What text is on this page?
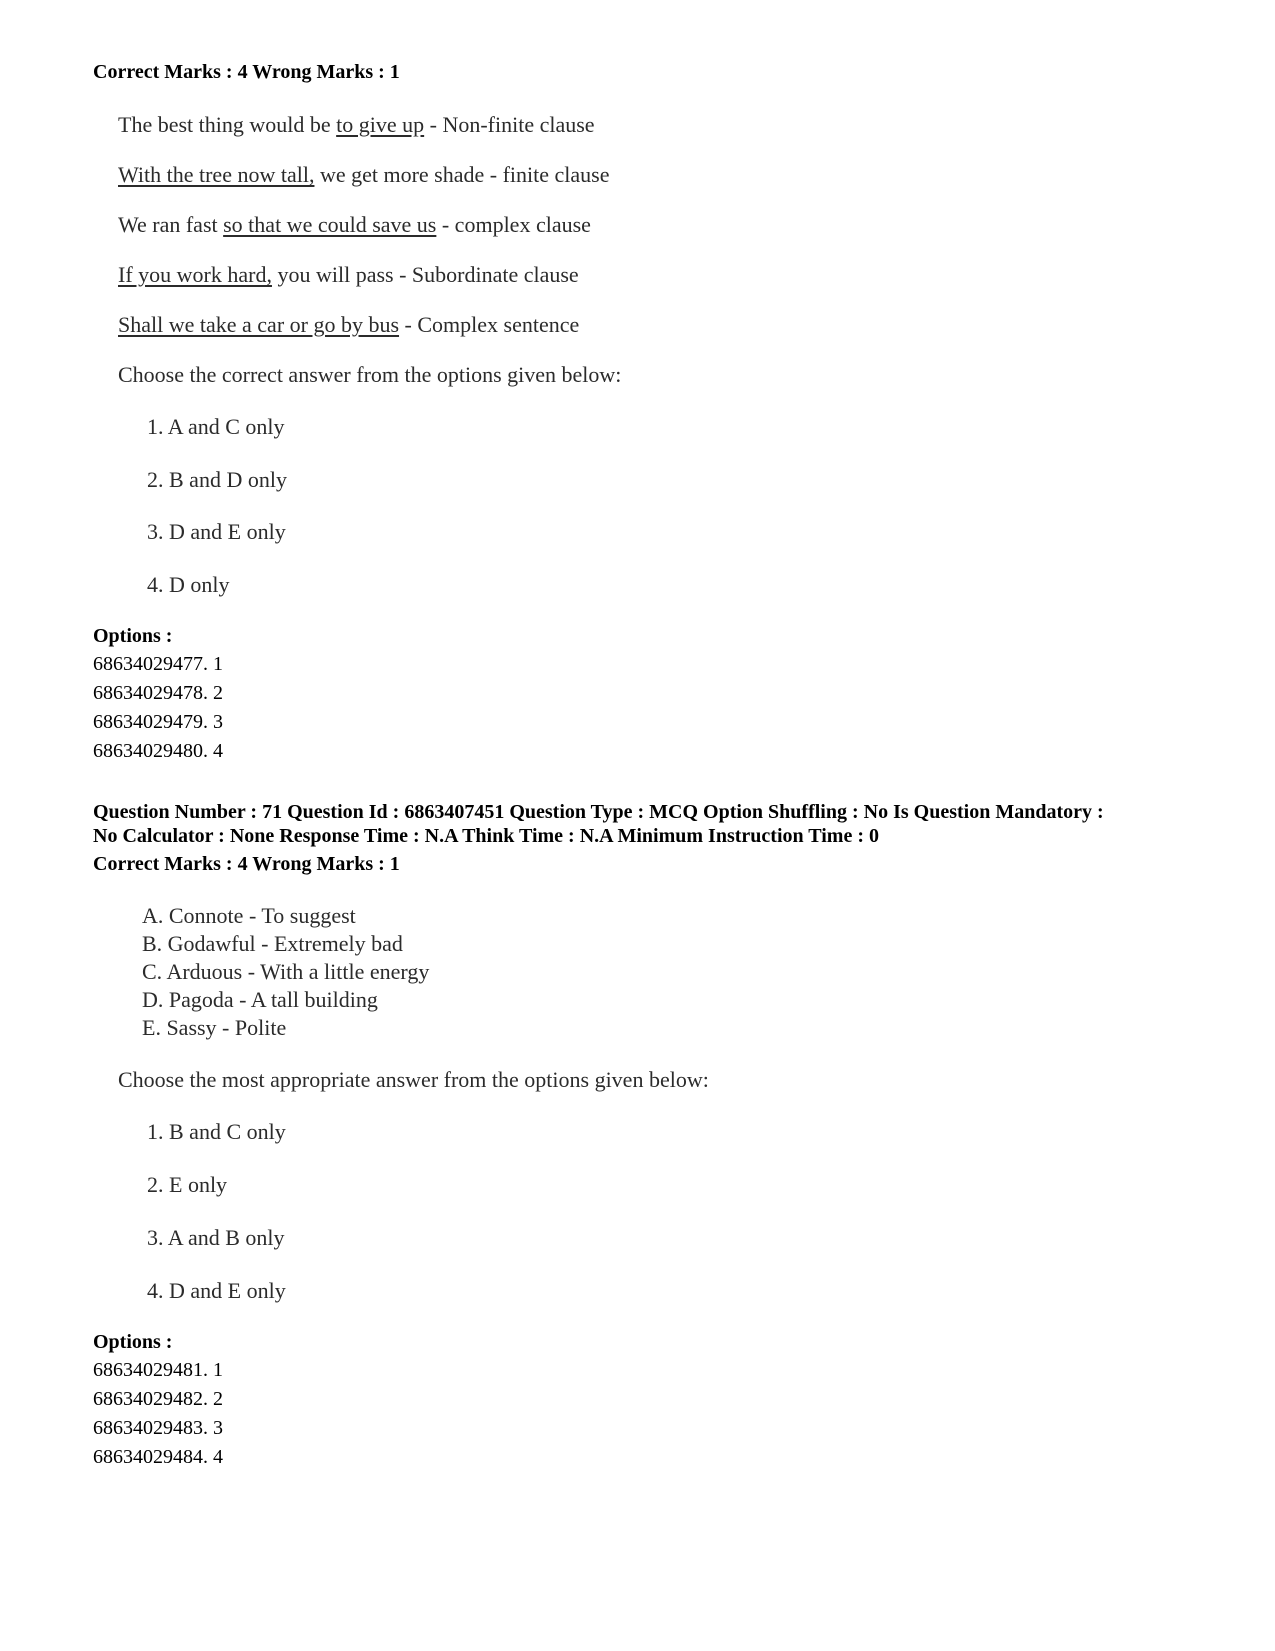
Correct Marks : 4 Wrong Marks : 1
The best thing would be to give up - Non-finite clause
With the tree now tall, we get more shade - finite clause
We ran fast so that we could save us - complex clause
If you work hard, you will pass - Subordinate clause
Shall we take a car or go by bus - Complex sentence
Choose the correct answer from the options given below:
1. A and C only
2. B and D only
3. D and E only
4. D only
Options :
68634029477. 1
68634029478. 2
68634029479. 3
68634029480. 4
Question Number : 71 Question Id : 6863407451 Question Type : MCQ Option Shuffling : No Is Question Mandatory :
No Calculator : None Response Time : N.A Think Time : N.A Minimum Instruction Time : 0
Correct Marks : 4 Wrong Marks : 1
A. Connote - To suggest
B. Godawful - Extremely bad
C. Arduous - With a little energy
D. Pagoda - A tall building
E. Sassy - Polite
Choose the most appropriate answer from the options given below:
1. B and C only
2. E only
3. A and B only
4. D and E only
Options :
68634029481. 1
68634029482. 2
68634029483. 3
68634029484. 4
